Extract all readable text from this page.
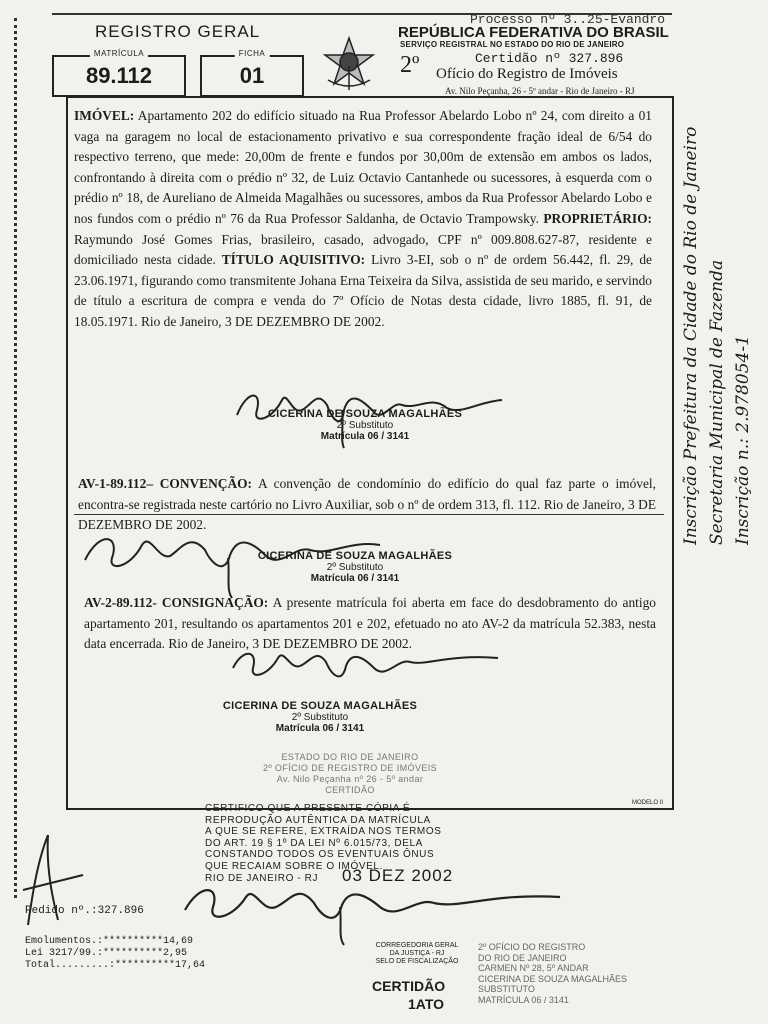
REGISTRO GERAL
MATRÍCULA
89.112
FICHA
01
Processo nº 3..25-Evandro
REPÚBLICA FEDERATIVA DO BRASIL
SERVIÇO REGISTRAL NO ESTADO DO RIO DE JANEIRO
2º	Certidão nº 327.896
Ofício do Registro de Imóveis
Av. Nilo Peçanha, 26 - 5º andar - Rio de Janeiro - RJ
IMÓVEL: Apartamento 202 do edifício situado na Rua Professor Abelardo Lobo nº 24, com direito a 01 vaga na garagem no local de estacionamento privativo e sua correspondente fração ideal de 6/54 do respectivo terreno, que mede: 20,00m de frente e fundos por 30,00m de extensão em ambos os lados, confrontando à direita com o prédio nº 32, de Luiz Octavio Cantanhede ou sucessores, à esquerda com o prédio nº 18, de Aureliano de Almeida Magalhães ou sucessores, ambos da Rua Professor Abelardo Lobo e nos fundos com o prédio nº 76 da Rua Professor Saldanha, de Octavio Trampowsky. PROPRIETÁRIO: Raymundo José Gomes Frias, brasileiro, casado, advogado, CPF nº 009.808.627-87, residente e domiciliado nesta cidade. TÍTULO AQUISITIVO: Livro 3-EI, sob o nº de ordem 56.442, fl. 29, de 23.06.1971, figurando como transmitente Johana Erna Teixeira da Silva, assistida de seu marido, e servindo de título a escritura de compra e venda do 7º Ofício de Notas desta cidade, livro 1885, fl. 91, de 18.05.1971. Rio de Janeiro, 3 DE DEZEMBRO DE 2002.
CICERINA DE SOUZA MAGALHÃES
2º Substituto
Matrícula 06 / 3141
AV-1-89.112– CONVENÇÃO: A convenção de condomínio do edifício do qual faz parte o imóvel, encontra-se registrada neste cartório no Livro Auxiliar, sob o nº de ordem 313, fl. 112. Rio de Janeiro, 3 DE DEZEMBRO DE 2002.
CICERINA DE SOUZA MAGALHÃES
2º Substituto
Matrícula 06 / 3141
AV-2-89.112- CONSIGNAÇÃO: A presente matrícula foi aberta em face do desdobramento do antigo apartamento 201, resultando os apartamentos 201 e 202, efetuado no ato AV-2 da matrícula 52.383, nesta data encerrada. Rio de Janeiro, 3 DE DEZEMBRO DE 2002.
CICERINA DE SOUZA MAGALHÃES
2º Substituto
Matrícula 06 / 3141
ESTADO DO RIO DE JANEIRO
2º OFÍCIO DE REGISTRO DE IMÓVEIS
Av. Nilo Peçanha nº 26 - 5º andar
CERTIDÃO
MODELO II
CERTIFICO QUE A PRESENTE CÓPIA É
REPRODUÇÃO AUTÊNTICA DA MATRÍCULA
A QUE SE REFERE, EXTRAÍDA NOS TERMOS
DO ART. 19 § 1º DA LEI Nº 6.015/73, DELA
CONSTANDO TODOS OS EVENTUAIS ÔNUS
QUE RECAIAM SOBRE O IMÓVEL.
RIO DE JANEIRO - RJ	03 DEZ 2002
Pedido nº.:327.896
Emolumentos.:**********14,69
Lei 3217/99.:**********2,95
Total.........:**********17,64
CORREGEDORIA GERAL
DA JUSTIÇA - RJ
SELO DE FISCALIZAÇÃO
2º OFÍCIO DO REGISTRO
DO RIO DE JANEIRO
CARMEN Nº 28, 5º ANDAR
CICERINA DE SOUZA MAGALHÃES
SUBSTITUTO
MATRÍCULA 06 / 3141
CERTIDÃO
1ATO
Inscrição Prefeitura da Cidade do Rio de Janeiro Secretaria Municipal de Fazenda Inscrição n.: 2.978054-1
